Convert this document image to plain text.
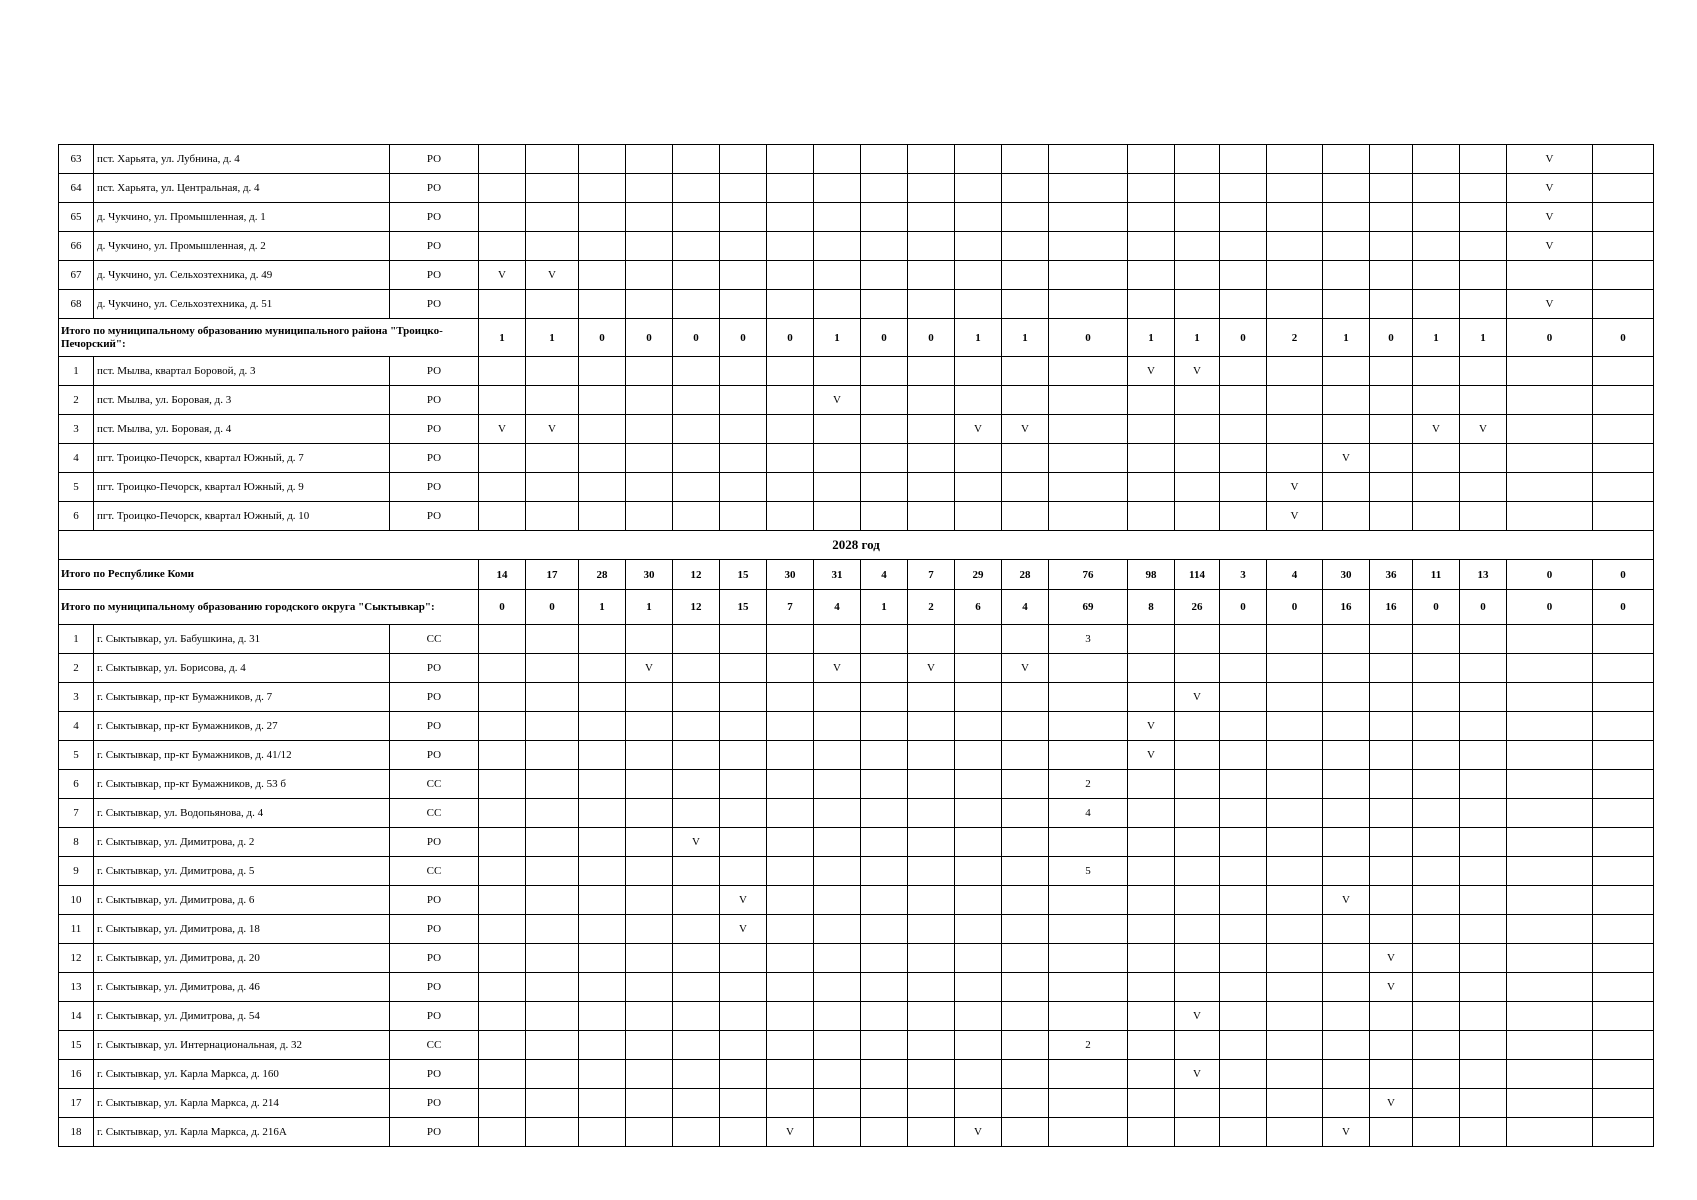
63	пст. Харьята, ул. Лубнина, д. 4	РО																						V	
64	пст. Харьята, ул. Центральная, д. 4	РО																						V	
65	д. Чукчино, ул. Промышленная, д. 1	РО																						V	
66	д. Чукчино, ул. Промышленная, д. 2	РО																						V	
67	д. Чукчино, ул. Сельхозтехника, д. 49	РО	V	V																					
68	д. Чукчино, ул. Сельхозтехника, д. 51	РО																						V	
Итого по муниципальному образованию муниципального района "Троицко-Печорский":			1	1	0	0	0	0	0	1	0	0	1	1	0	1	1	0	2	1	0	1	1	0	0
1	пст. Мылва, квартал Боровой, д. 3	РО														V	V								
2	пст. Мылва, ул. Боровая, д. 3	РО								V															
3	пст. Мылва, ул. Боровая, д. 4	РО	V	V									V	V								V	V		
4	пгт. Троицко-Печорск, квартал Южный, д. 7	РО																		V					
5	пгт. Троицко-Печорск, квартал Южный, д. 9	РО																	V						
6	пгт. Троицко-Печорск, квартал Южный, д. 10	РО																	V						
2028 год																									
Итого по Республике Коми			14	17	28	30	12	15	30	31	4	7	29	28	76	98	114	3	4	30	36	11	13	0	0
Итого по муниципальному образованию городского округа "Сыктывкар":			0	0	1	1	12	15	7	4	1	2	6	4	69	8	26	0	0	16	16	0	0	0	0
1	г. Сыктывкар, ул. Бабушкина, д. 31	СС													3										
2	г. Сыктывкар, ул. Борисова, д. 4	РО				V				V		V		V											
3	г. Сыктывкар, пр-кт Бумажников, д. 7	РО															V								
4	г. Сыктывкар, пр-кт Бумажников, д. 27	РО														V									
5	г. Сыктывкар, пр-кт Бумажников, д. 41/12	РО														V									
6	г. Сыктывкар, пр-кт Бумажников, д. 53 б	СС													2										
7	г. Сыктывкар, ул. Водопьянова, д. 4	СС													4										
8	г. Сыктывкар, ул. Димитрова, д. 2	РО					V																		
9	г. Сыктывкар, ул. Димитрова, д. 5	СС													5										
10	г. Сыктывкар, ул. Димитрова, д. 6	РО						V												V					
11	г. Сыктывкар, ул. Димитрова, д. 18	РО						V																	
12	г. Сыктывкар, ул. Димитрова, д. 20	РО																			V				
13	г. Сыктывкар, ул. Димитрова, д. 46	РО																			V				
14	г. Сыктывкар, ул. Димитрова, д. 54	РО															V								
15	г. Сыктывкар, ул. Интернациональная, д. 32	СС													2										
16	г. Сыктывкар, ул. Карла Маркса, д. 160	РО															V								
17	г. Сыктывкар, ул. Карла Маркса, д. 214	РО																			V				
18	г. Сыктывкар, ул. Карла Маркса, д. 216А	РО							V				V							V					
